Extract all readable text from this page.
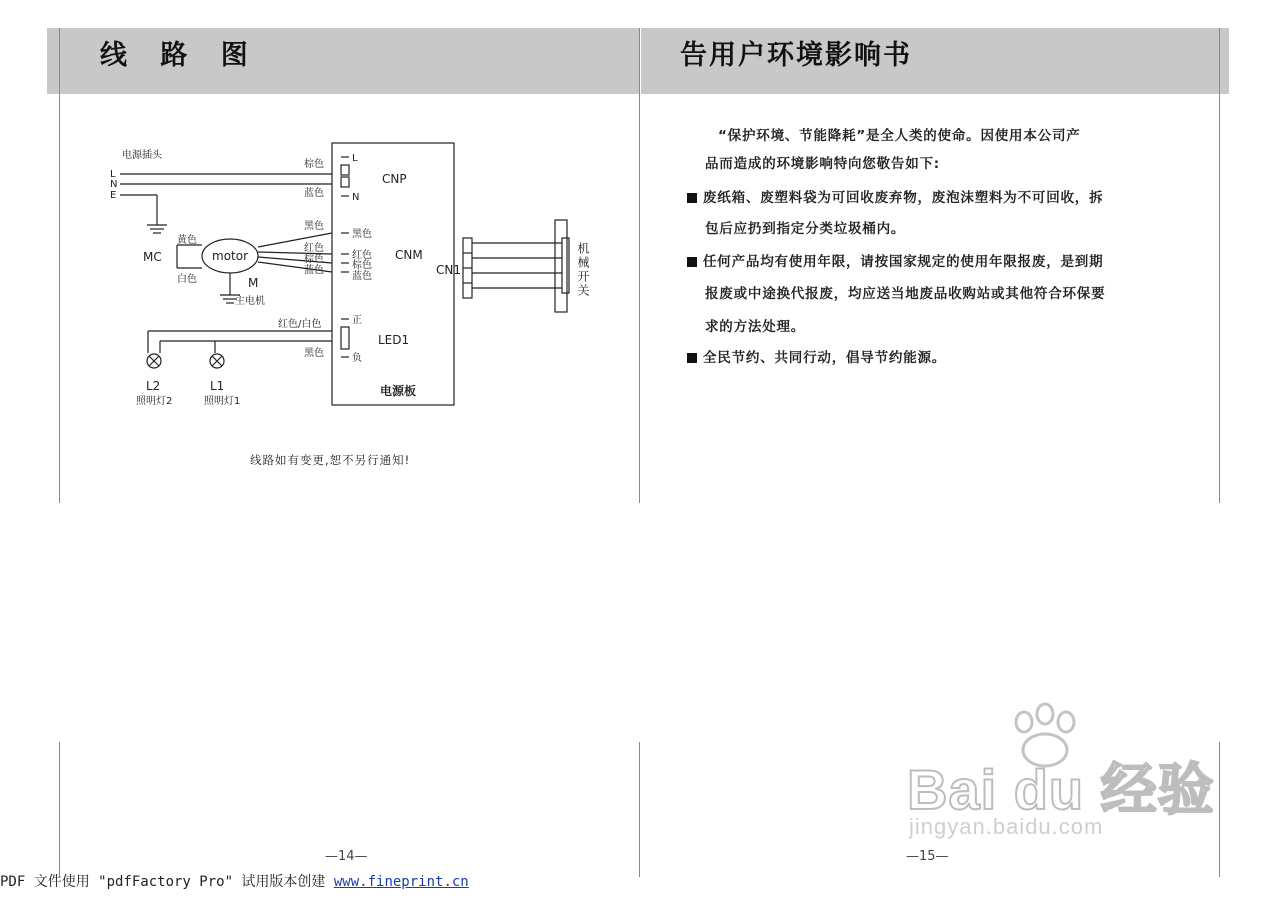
线 路 图	告用户环境影响书
电源插头
L
N
E
棕色
蓝色
黑色
红色
棕色
蓝色
红色/白色
黑色
L
N
黑色
红色
棕色
蓝色
正
负
黄色
白色
主电机
照明灯2	照明灯1
CNP
CNM
LED1
CN1
motor
MC
M
L2	L1	电源板
机械开关
线路如有变更,恕不另行通知!
“保护环境、节能降耗”是全人类的使命。因使用本公司产
品而造成的环境影响特向您敬告如下:
废纸箱、废塑料袋为可回收废弃物，废泡沫塑料为不可回收，拆
包后应扔到指定分类垃圾桶内。
任何产品均有使用年限，请按国家规定的使用年限报废，是到期
报废或中途换代报废，均应送当地废品收购站或其他符合环保要
求的方法处理。
全民节约、共同行动，倡导节约能源。
—14—	—15—
Bai du 经验
jingyan.baidu.com
PDF 文件使用 "pdfFactory Pro" 试用版本创建 www.fineprint.cn
